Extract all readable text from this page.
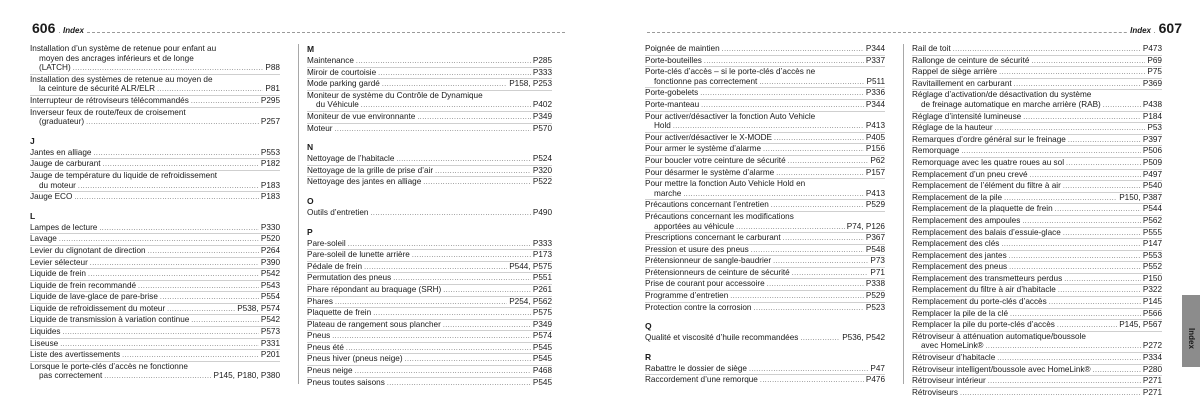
606 Index
Installation d’un système de retenue pour enfant au
moyen des ancrages inférieurs et de longe
(LATCH) .....	P88
Installation des systèmes de retenue au moyen de
la ceinture de sécurité ALR/ELR .....	P81
Interrupteur de rétroviseurs télécommandés .....	P295
Inverseur feux de route/feux de croisement
(graduateur) .....	P257
J
Jantes en alliage .....	P553
Jauge de carburant .....	P182
Jauge de température du liquide de refroidissement
du moteur .....	P183
Jauge ECO .....	P183
L
Lampes de lecture .....	P330
Lavage .....	P520
Levier du clignotant de direction .....	P264
Levier sélecteur .....	P390
Liquide de frein .....	P542
Liquide de frein recommandé .....	P543
Liquide de lave-glace de pare-brise .....	P554
Liquide de refroidissement du moteur .....	P538, P574
Liquide de transmission à variation continue .....	P542
Liquides .....	P573
Liseuse .....	P331
Liste des avertissements .....	P201
Lorsque le porte-clés d’accès ne fonctionne
pas correctement .....	P145, P180, P380
M
Maintenance .....	P285
Miroir de courtoisie .....	P333
Mode parking gardé .....	P158, P253
Moniteur de système du Contrôle de Dynamique
du Véhicule .....	P402
Moniteur de vue environnante .....	P349
Moteur .....	P570
N
Nettoyage de l’habitacle .....	P524
Nettoyage de la grille de prise d’air .....	P320
Nettoyage des jantes en alliage .....	P522
O
Outils d’entretien .....	P490
P
Pare-soleil .....	P333
Pare-soleil de lunette arrière .....	P173
Pédale de frein .....	P544, P575
Permutation des pneus .....	P551
Phare répondant au braquage (SRH) .....	P261
Phares .....	P254, P562
Plaquette de frein .....	P575
Plateau de rangement sous plancher .....	P349
Pneus .....	P574
Pneus été .....	P545
Pneus hiver (pneus neige) .....	P545
Pneus neige .....	P468
Pneus toutes saisons .....	P545
607
Index
Poignée de maintien .....	P344
Porte-bouteilles .....	P337
Porte-clés d’accès – si le porte-clés d’accès ne
fonctionne pas correctement .....	P511
Porte-gobelets .....	P336
Porte-manteau .....	P344
Pour activer/désactiver la fonction Auto Vehicle
Hold .....	P413
Pour activer/désactiver le X-MODE .....	P405
Pour armer le système d’alarme .....	P156
Pour boucler votre ceinture de sécurité .....	P62
Pour désarmer le système d’alarme .....	P157
Pour mettre la fonction Auto Vehicle Hold en
marche .....	P413
Précautions concernant l’entretien .....	P529
Précautions concernant les modifications
apportées au véhicule .....	P74, P126
Prescriptions concernant le carburant .....	P367
Pression et usure des pneus .....	P548
Prétensionneur de sangle-baudrier .....	P73
Prétensionneurs de ceinture de sécurité .....	P71
Prise de courant pour accessoire .....	P338
Programme d’entretien .....	P529
Protection contre la corrosion .....	P523
Q
Qualité et viscosité d’huile recommandées .....	P536, P542
R
Rabattre le dossier de siège .....	P47
Raccordement d’une remorque .....	P476
Rail de toit .....	P473
Rallonge de ceinture de sécurité .....	P69
Rappel de siège arrière .....	P75
Ravitaillement en carburant .....	P369
Réglage d’activation/de désactivation du système
de freinage automatique en marche arrière (RAB) .....	P438
Réglage d’intensité lumineuse .....	P184
Réglage de la hauteur .....	P53
Remarques d’ordre général sur le freinage .....	P397
Remorquage .....	P506
Remorquage avec les quatre roues au sol .....	P509
Remplacement d’un pneu crevé .....	P497
Remplacement de l’élément du filtre à air .....	P540
Remplacement de la pile .....	P150, P387
Remplacement de la plaquette de frein .....	P544
Remplacement des ampoules .....	P562
Remplacement des balais d’essuie-glace .....	P555
Remplacement des clés .....	P147
Remplacement des jantes .....	P553
Remplacement des pneus .....	P552
Remplacement des transmetteurs perdus .....	P150
Remplacement du filtre à air d’habitacle .....	P322
Remplacement du porte-clés d’accès .....	P145
Remplacer la pile de la clé .....	P566
Remplacer la pile du porte-clés d’accès .....	P145, P567
Rétroviseur à atténuation automatique/boussole
avec HomeLink® .....	P272
Rétroviseur d’habitacle .....	P334
Rétroviseur intelligent/boussole avec HomeLink® .....	P280
Rétroviseur intérieur .....	P271
Rétroviseurs .....	P271
Index
